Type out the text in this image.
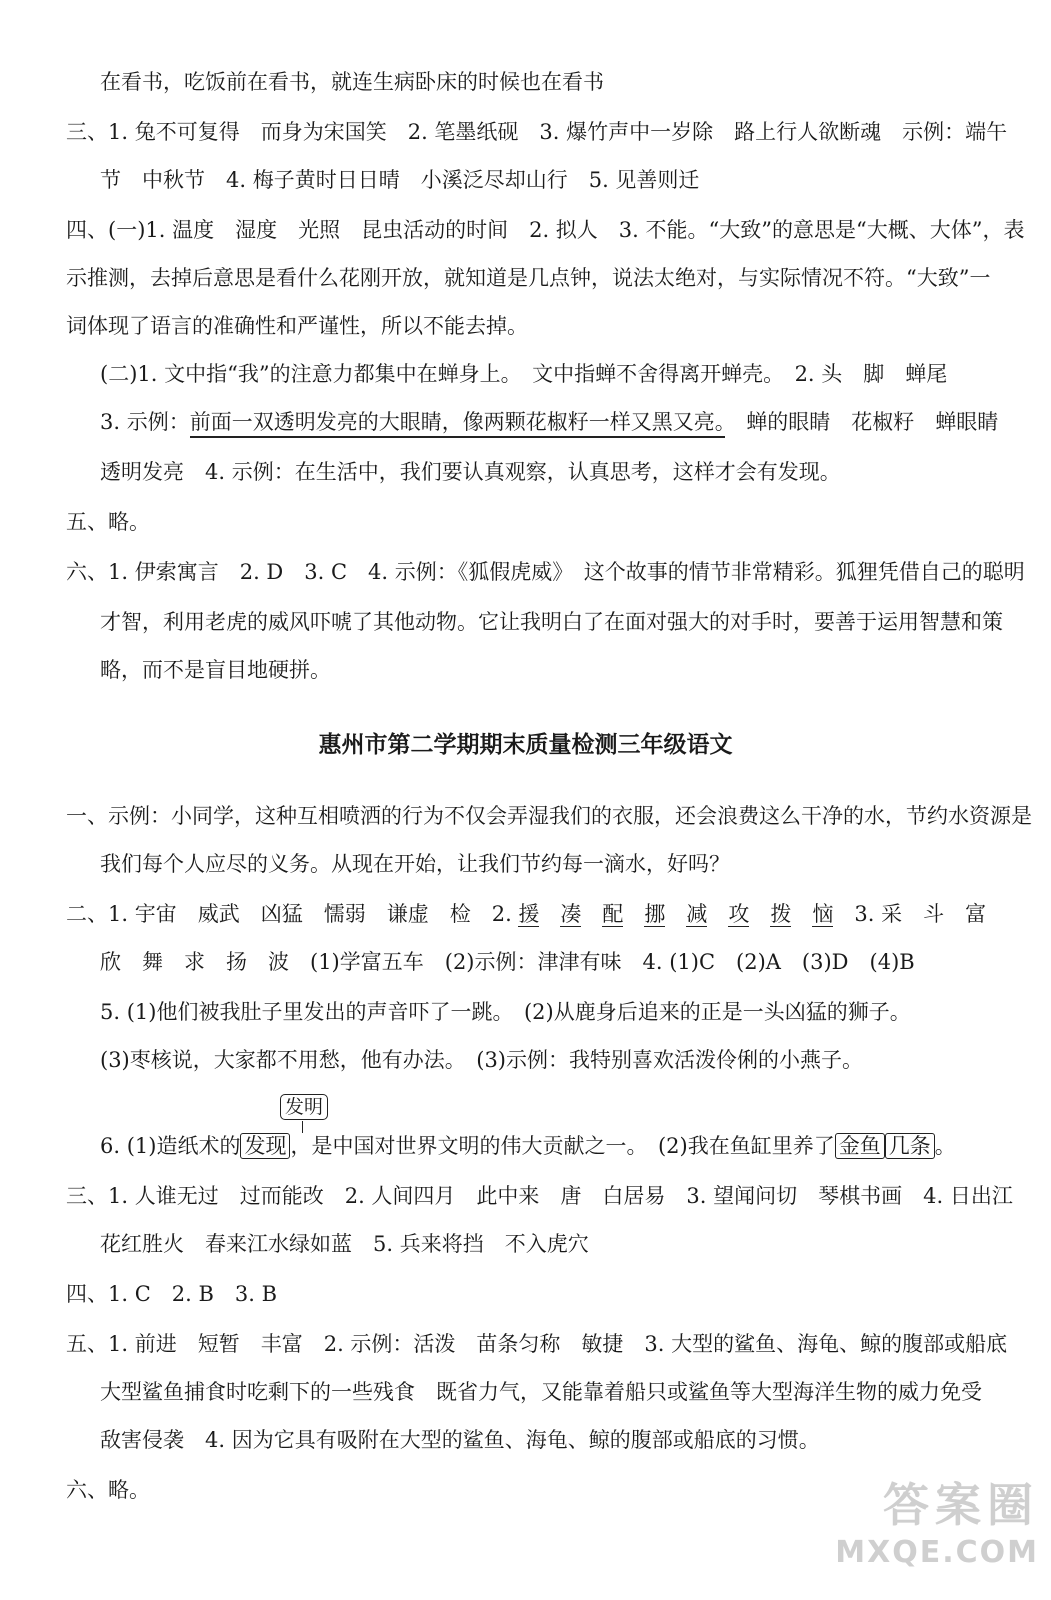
在看书，吃饭前在看书，就连生病卧床的时候也在看书
三、1. 兔不可复得　而身为宋国笑　2. 笔墨纸砚　3. 爆竹声中一岁除　路上行人欲断魂　示例：端午
节　中秋节　4. 梅子黄时日日晴　小溪泛尽却山行　5. 见善则迁
四、(一)1. 温度　湿度　光照　昆虫活动的时间　2. 拟人　3. 不能。“大致”的意思是“大概、大体”，表
示推测，去掉后意思是看什么花刚开放，就知道是几点钟，说法太绝对，与实际情况不符。“大致”一
词体现了语言的准确性和严谨性，所以不能去掉。
(二)1. 文中指“我”的注意力都集中在蝉身上。　文中指蝉不舍得离开蝉壳。　2. 头　脚　蝉尾
3. 示例：前面一双透明发亮的大眼睛，像两颗花椒籽一样又黑又亮。　蝉的眼睛　花椒籽　蝉眼睛
透明发亮　4. 示例：在生活中，我们要认真观察，认真思考，这样才会有发现。
五、略。
六、1. 伊索寓言　2. D　3. C　4. 示例：《狐假虎威》　这个故事的情节非常精彩。狐狸凭借自己的聪明
才智，利用老虎的威风吓唬了其他动物。它让我明白了在面对强大的对手时，要善于运用智慧和策
略，而不是盲目地硬拼。
惠州市第二学期期末质量检测三年级语文
一、示例：小同学，这种互相喷洒的行为不仅会弄湿我们的衣服，还会浪费这么干净的水，节约水资源是
我们每个人应尽的义务。从现在开始，让我们节约每一滴水，好吗？
二、1. 宇宙　威武　凶猛　懦弱　谦虚　检　2. 援　 凑　 配　 挪　 减　 攻　 拨　 恼　3. 采　斗　富
欣　舞　求　扬　波　(1)学富五车　(2)示例：津津有味　4. (1)C　(2)A　(3)D　(4)B
5. (1)他们被我肚子里发出的声音吓了一跳。　(2)从鹿身后追来的正是一头凶猛的狮子。
(3)枣核说，大家都不用愁，他有办法。　(3)示例：我特别喜欢活泼伶俐的小燕子。
发明
6. (1)造纸术的 发现 ，是中国对世界文明的伟大贡献之一。　(2)我在鱼缸里养了 金鱼 几条 。
三、1. 人谁无过　过而能改　2. 人间四月　此中来　唐　白居易　3. 望闻问切　琴棋书画　4. 日出江
花红胜火　春来江水绿如蓝　5. 兵来将挡　不入虎穴
四、1. C　2. B　3. B
五、1. 前进　短暂　丰富　2. 示例：活泼　苗条匀称　敏捷　3. 大型的鲨鱼、海龟、鲸的腹部或船底
大型鲨鱼捕食时吃剩下的一些残食　既省力气，又能靠着船只或鲨鱼等大型海洋生物的威力免受
敌害侵袭　4. 因为它具有吸附在大型的鲨鱼、海龟、鲸的腹部或船底的习惯。
六、略。	答案圈
MXQE.COM
